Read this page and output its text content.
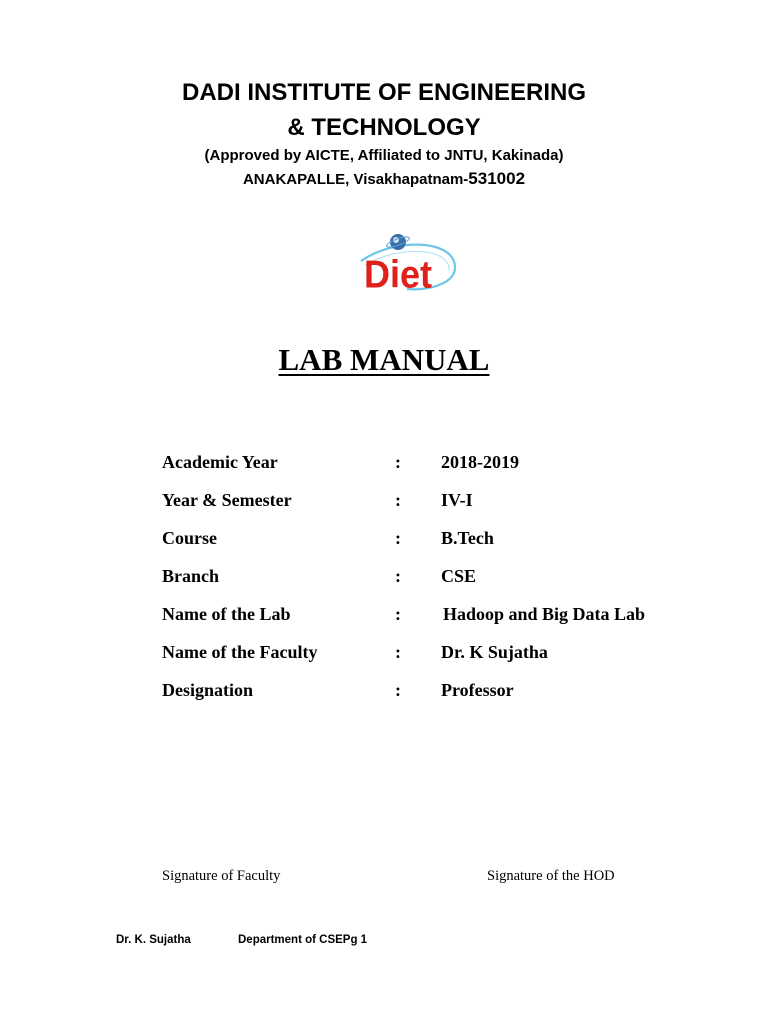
DADI INSTITUTE OF ENGINEERING
& TECHNOLOGY
(Approved by AICTE, Affiliated to JNTU, Kakinada)
ANAKAPALLE, Visakhapatnam-531002
Diet
LAB MANUAL
Academic Year	: 2018-2019
Year & Semester	: IV-I
Course	: B.Tech
Branch	: CSE
Name of the Lab	: Hadoop and Big Data Lab
Name of the Faculty	: Dr. K Sujatha
Designation	: Professor
Signature of Faculty	Signature of the HOD
Dr. K. Sujatha	Department of CSEPg 1
